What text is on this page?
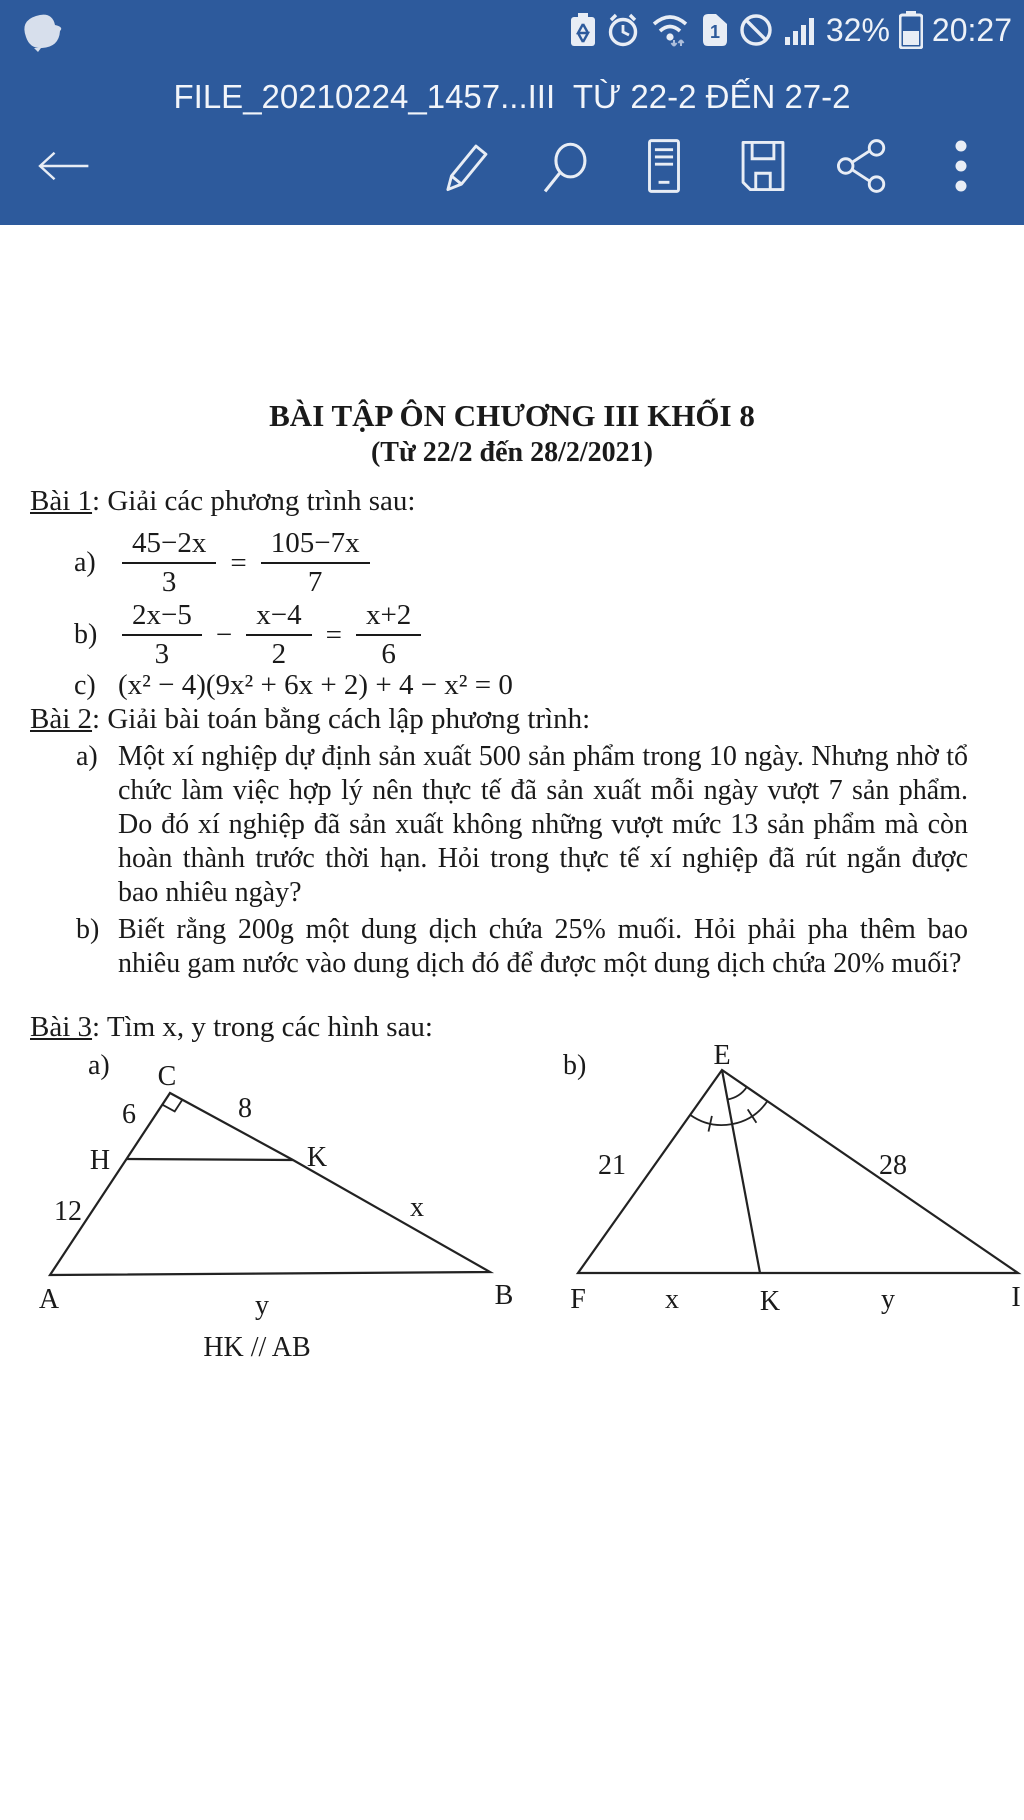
1	32% 20:27
FILE_20210224_1457...III  TỪ 22-2 ĐẾN 27-2
BÀI TẬP ÔN CHƯƠNG III KHỐI 8
(Từ 22/2 đến 28/2/2021)
Bài 1: Giải các phương trình sau:
$a) \frac{45-2x}{3} = \frac{105-7x}{7}$
$b) \frac{2x-5}{3} - \frac{x-4}{2} = \frac{x+2}{6}$
c) (x² − 4)(9x² + 6x + 2) + 4 − x² = 0
Bài 2: Giải bài toán bằng cách lập phương trình:
a) Một xí nghiệp dự định sản xuất 500 sản phẩm trong 10 ngày. Nhưng nhờ tổ chức làm việc hợp lý nên thực tế đã sản xuất mỗi ngày vượt 7 sản phẩm. Do đó xí nghiệp đã sản xuất không những vượt mức 13 sản phẩm mà còn hoàn thành trước thời hạn. Hỏi trong thực tế xí nghiệp đã rút ngắn được bao nhiêu ngày?

b) Biết rằng 200g một dung dịch chứa 25% muối. Hỏi phải pha thêm bao nhiêu gam nước vào dung dịch đó để được một dung dịch chứa 20% muối?

Bài 3: Tìm x, y trong các hình sau:
a) C
6	8
H	K
12	x
A	B
y
HK // AB
b)	E
21	28
F	x	K	y	I
